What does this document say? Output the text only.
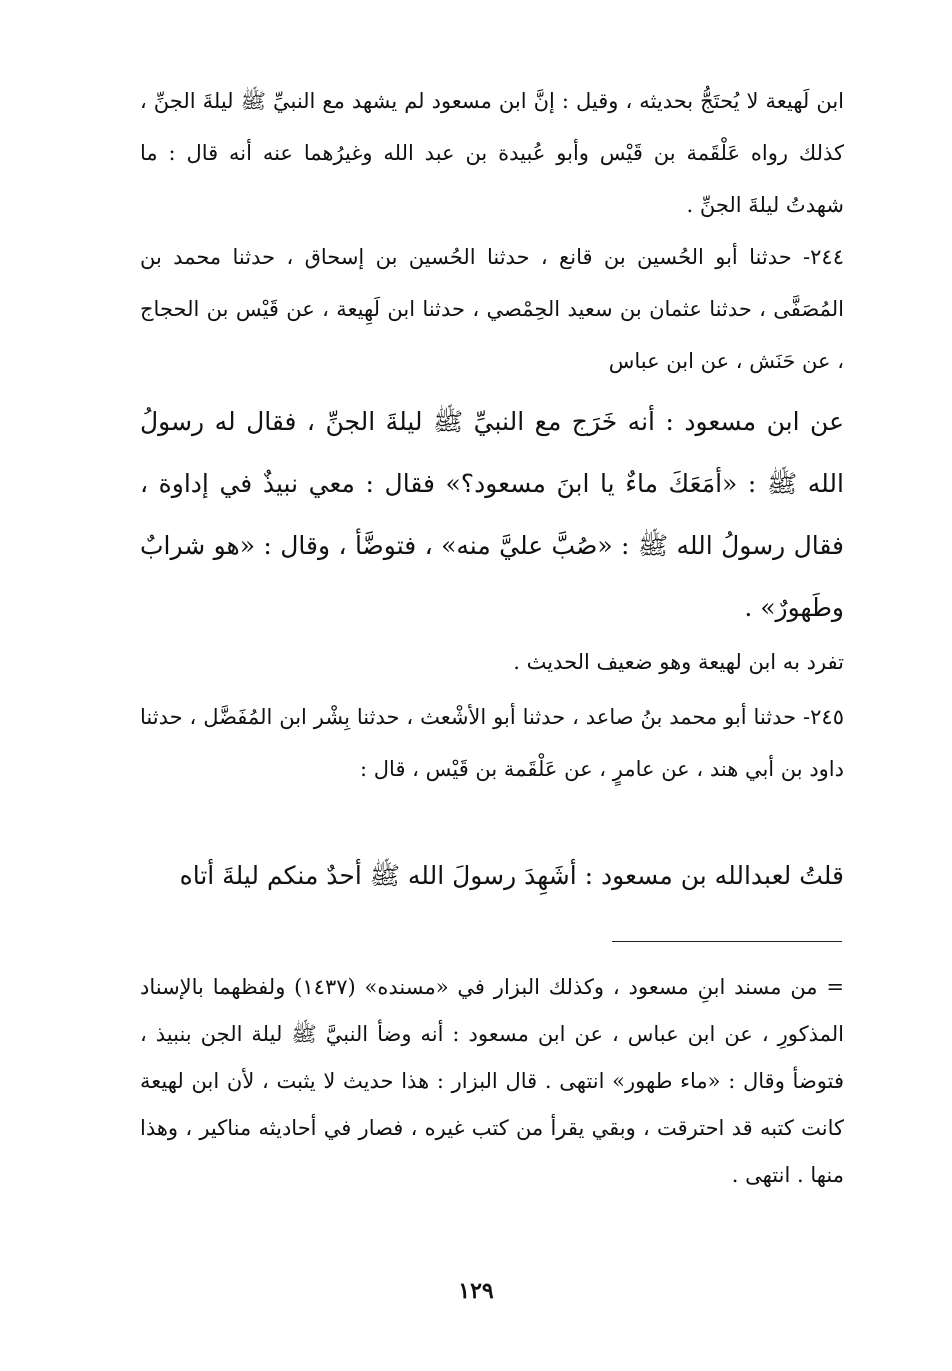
ابن لَهيعة لا يُحتَجُّ بحديثه ، وقيل : إنَّ ابن مسعود لم يشهد مع النبيِّ ﷺ ليلةَ الجنِّ ، كذلك رواه عَلْقَمة بن قَيْس وأبو عُبيدة بن عبد الله وغيرُهما عنه أنه قال : ما شهدتُ ليلةَ الجنِّ .

٢٤٤- حدثنا أبو الحُسين بن قانع ، حدثنا الحُسين بن إسحاق ، حدثنا محمد بن المُصَفَّى ، حدثنا عثمان بن سعيد الحِمْصي ، حدثنا ابن لَهِيعة ، عن قَيْس بن الحجاج ، عن حَنَش ، عن ابن عباس

عن ابن مسعود : أنه خَرَج مع النبيِّ ﷺ ليلةَ الجنِّ ، فقال له رسولُ الله ﷺ : «أمَعَكَ ماءٌ يا ابنَ مسعود؟» فقال : معي نبيذٌ في إداوة ، فقال رسولُ الله ﷺ : «صُبَّ عليَّ منه» ، فتوضَّأ ، وقال : «هو شرابٌ وطَهورٌ» .

تفرد به ابن لهيعة وهو ضعيف الحديث .

٢٤٥- حدثنا أبو محمد بنُ صاعد ، حدثنا أبو الأشْعث ، حدثنا بِشْر ابن المُفَضَّل ، حدثنا داود بن أبي هند ، عن عامرٍ ، عن عَلْقَمة بن قَيْس ، قال :

قلتُ لعبدالله بن مسعود : أشَهِدَ رسولَ الله ﷺ أحدٌ منكم ليلةَ أتاه

= من مسند ابنِ مسعود ، وكذلك البزار في «مسنده» (١٤٣٧) ولفظهما بالإسناد المذكورِ ، عن ابن عباس ، عن ابن مسعود : أنه وضأ النبيَّ ﷺ ليلة الجن بنبيذ ، فتوضأ وقال : «ماء طهور» انتهى . قال البزار : هذا حديث لا يثبت ، لأن ابن لهيعة كانت كتبه قد احترقت ، وبقي يقرأ من كتب غيره ، فصار في أحاديثه مناكير ، وهذا منها . انتهى .

١٢٩
